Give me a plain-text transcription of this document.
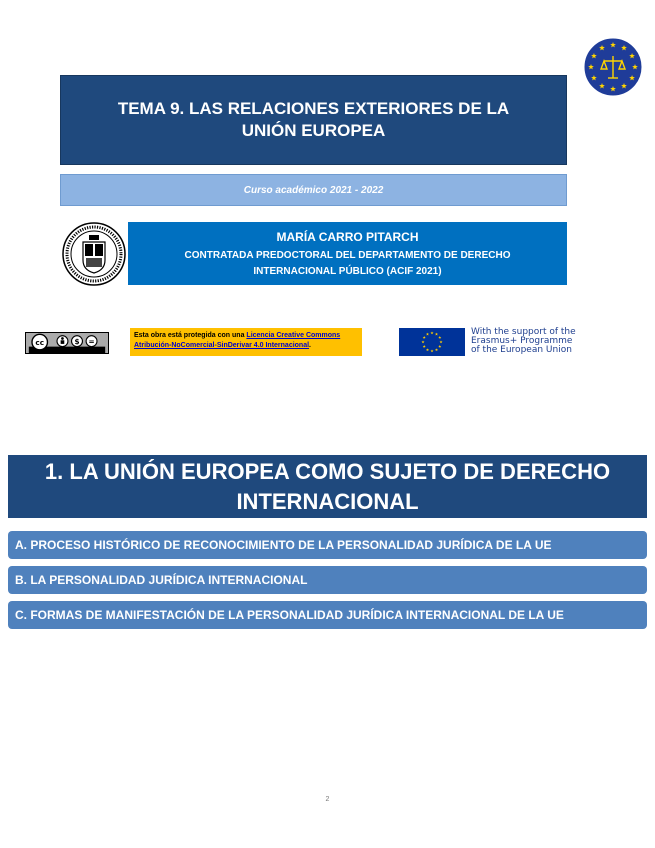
TEMA 9. LAS RELACIONES EXTERIORES DE LA UNIÓN EUROPEA
Curso académico 2021 - 2022
MARÍA CARRO PITARCH
CONTRATADA PREDOCTORAL DEL DEPARTAMENTO DE DERECHO INTERNACIONAL PÚBLICO (ACIF 2021)
cc	$ =
Esta obra está protegida con una Licencia Creative Commons
Atribución-NoComercial-SinDerivar 4.0 Internacional.
With the support of the
Erasmus+ Programme
of the European Union
1. LA UNIÓN EUROPEA COMO SUJETO DE DERECHO INTERNACIONAL
A. PROCESO HISTÓRICO DE RECONOCIMIENTO DE LA PERSONALIDAD JURÍDICA DE LA UE
B. LA PERSONALIDAD JURÍDICA INTERNACIONAL
C. FORMAS DE MANIFESTACIÓN DE LA PERSONALIDAD JURÍDICA INTERNACIONAL DE LA UE
2
